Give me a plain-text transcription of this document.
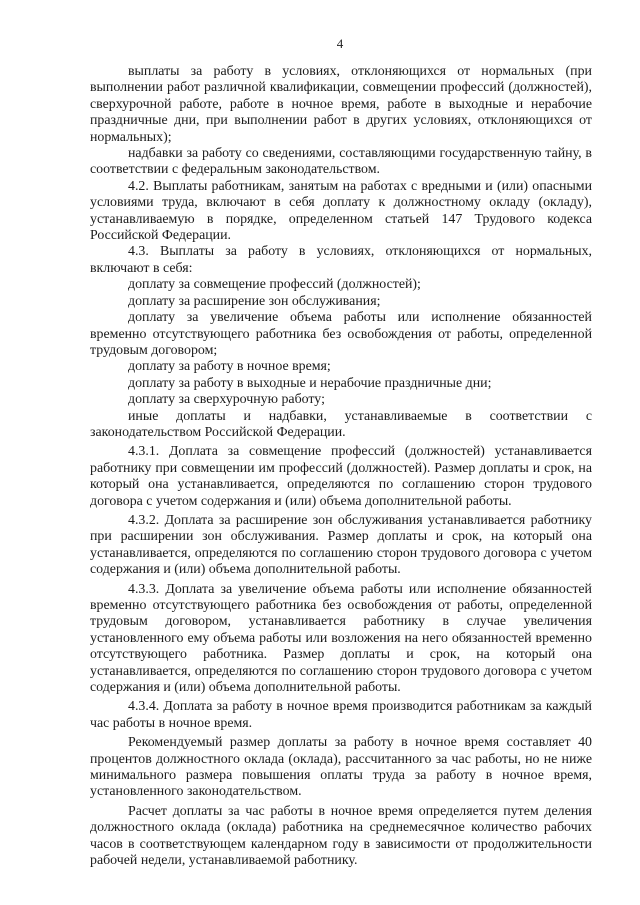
4

выплаты за работу в условиях, отклоняющихся от нормальных (при выполнении работ различной квалификации, совмещении профессий (должностей), сверхурочной работе, работе в ночное время, работе в выходные и нерабочие праздничные дни, при выполнении работ в других условиях, отклоняющихся от нормальных);

надбавки за работу со сведениями, составляющими государственную тайну, в соответствии с федеральным законодательством.

4.2. Выплаты работникам, занятым на работах с вредными и (или) опасными условиями труда, включают в себя доплату к должностному окладу (окладу), устанавливаемую в порядке, определенном статьей 147 Трудового кодекса Российской Федерации.

4.3. Выплаты за работу в условиях, отклоняющихся от нормальных, включают в себя:

доплату за совмещение профессий (должностей);

доплату за расширение зон обслуживания;

доплату за увеличение объема работы или исполнение обязанностей временно отсутствующего работника без освобождения от работы, определенной трудовым договором;

доплату за работу в ночное время;

доплату за работу в выходные и нерабочие праздничные дни;

доплату за сверхурочную работу;

иные доплаты и надбавки, устанавливаемые в соответствии с законодательством Российской Федерации.

4.3.1. Доплата за совмещение профессий (должностей) устанавливается работнику при совмещении им профессий (должностей). Размер доплаты и срок, на который она устанавливается, определяются по соглашению сторон трудового договора с учетом содержания и (или) объема дополнительной работы.

4.3.2. Доплата за расширение зон обслуживания устанавливается работнику при расширении зон обслуживания. Размер доплаты и срок, на который она устанавливается, определяются по соглашению сторон трудового договора с учетом содержания и (или) объема дополнительной работы.

4.3.3. Доплата за увеличение объема работы или исполнение обязанностей временно отсутствующего работника без освобождения от работы, определенной трудовым договором, устанавливается работнику в случае увеличения установленного ему объема работы или возложения на него обязанностей временно отсутствующего работника. Размер доплаты и срок, на который она устанавливается, определяются по соглашению сторон трудового договора с учетом содержания и (или) объема дополнительной работы.

4.3.4. Доплата за работу в ночное время производится работникам за каждый час работы в ночное время.

Рекомендуемый размер доплаты за работу в ночное время составляет 40 процентов должностного оклада (оклада), рассчитанного за час работы, но не ниже минимального размера повышения оплаты труда за работу в ночное время, установленного законодательством.

Расчет доплаты за час работы в ночное время определяется путем деления должностного оклада (оклада) работника на среднемесячное количество рабочих часов в соответствующем календарном году в зависимости от продолжительности рабочей недели, устанавливаемой работнику.
